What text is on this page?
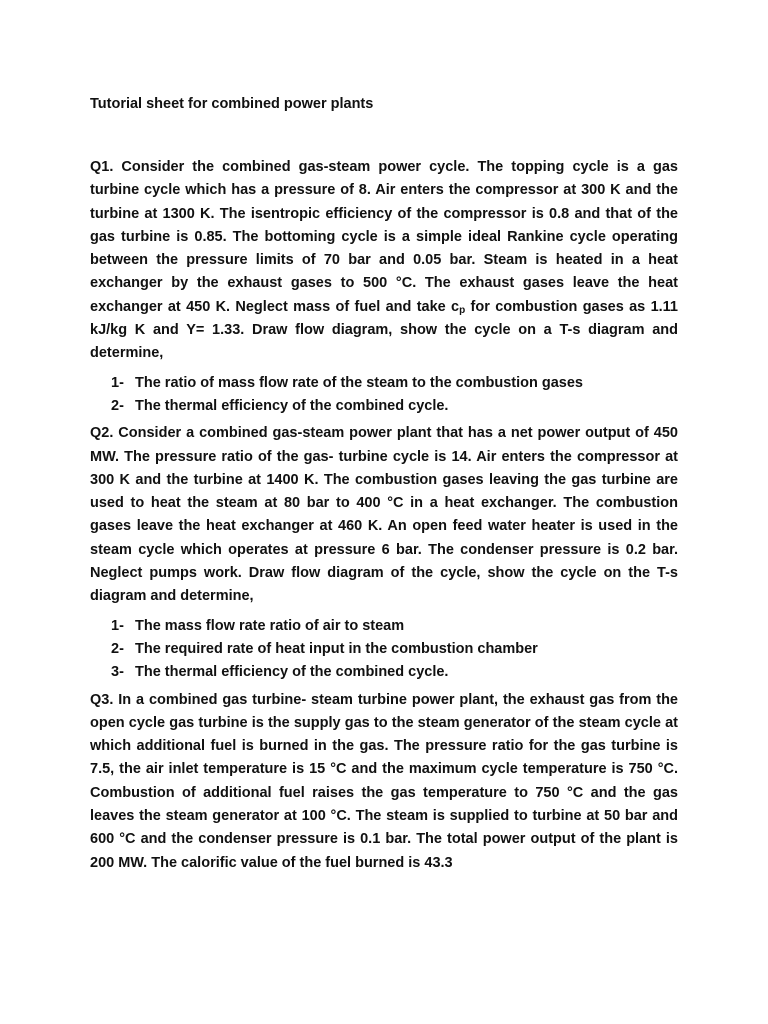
Tutorial sheet for combined power plants

Q1. Consider the combined gas-steam power cycle. The topping cycle is a gas turbine cycle which has a pressure of 8. Air enters the compressor at 300 K and the turbine at 1300 K. The isentropic efficiency of the compressor is 0.8 and that of the gas turbine is 0.85. The bottoming cycle is a simple ideal Rankine cycle operating between the pressure limits of 70 bar and 0.05 bar. Steam is heated in a heat exchanger by the exhaust gases to 500 °C. The exhaust gases leave the heat exchanger at 450 K. Neglect mass of fuel and take $c_p$ for combustion gases as 1.11 kJ/kg K and Y= 1.33. Draw flow diagram, show the cycle on a T-s diagram and determine,

1- The ratio of mass flow rate of the steam to the combustion gases
2- The thermal efficiency of the combined cycle.

Q2. Consider a combined gas-steam power plant that has a net power output of 450 MW. The pressure ratio of the gas- turbine cycle is 14. Air enters the compressor at 300 K and the turbine at 1400 K. The combustion gases leaving the gas turbine are used to heat the steam at 80 bar to 400 °C in a heat exchanger. The combustion gases leave the heat exchanger at 460 K. An open feed water heater is used in the steam cycle which operates at pressure 6 bar. The condenser pressure is 0.2 bar. Neglect pumps work. Draw flow diagram of the cycle, show the cycle on the T-s diagram and determine,

1- The mass flow rate ratio of air to steam
2- The required rate of heat input in the combustion chamber
3- The thermal efficiency of the combined cycle.

Q3. In a combined gas turbine- steam turbine power plant, the exhaust gas from the open cycle gas turbine is the supply gas to the steam generator of the steam cycle at which additional fuel is burned in the gas. The pressure ratio for the gas turbine is 7.5, the air inlet temperature is 15 °C and the maximum cycle temperature is 750 °C. Combustion of additional fuel raises the gas temperature to 750 °C and the gas leaves the steam generator at 100 °C. The steam is supplied to turbine at 50 bar and 600 °C and the condenser pressure is 0.1 bar. The total power output of the plant is 200 MW. The calorific value of the fuel burned is 43.3
